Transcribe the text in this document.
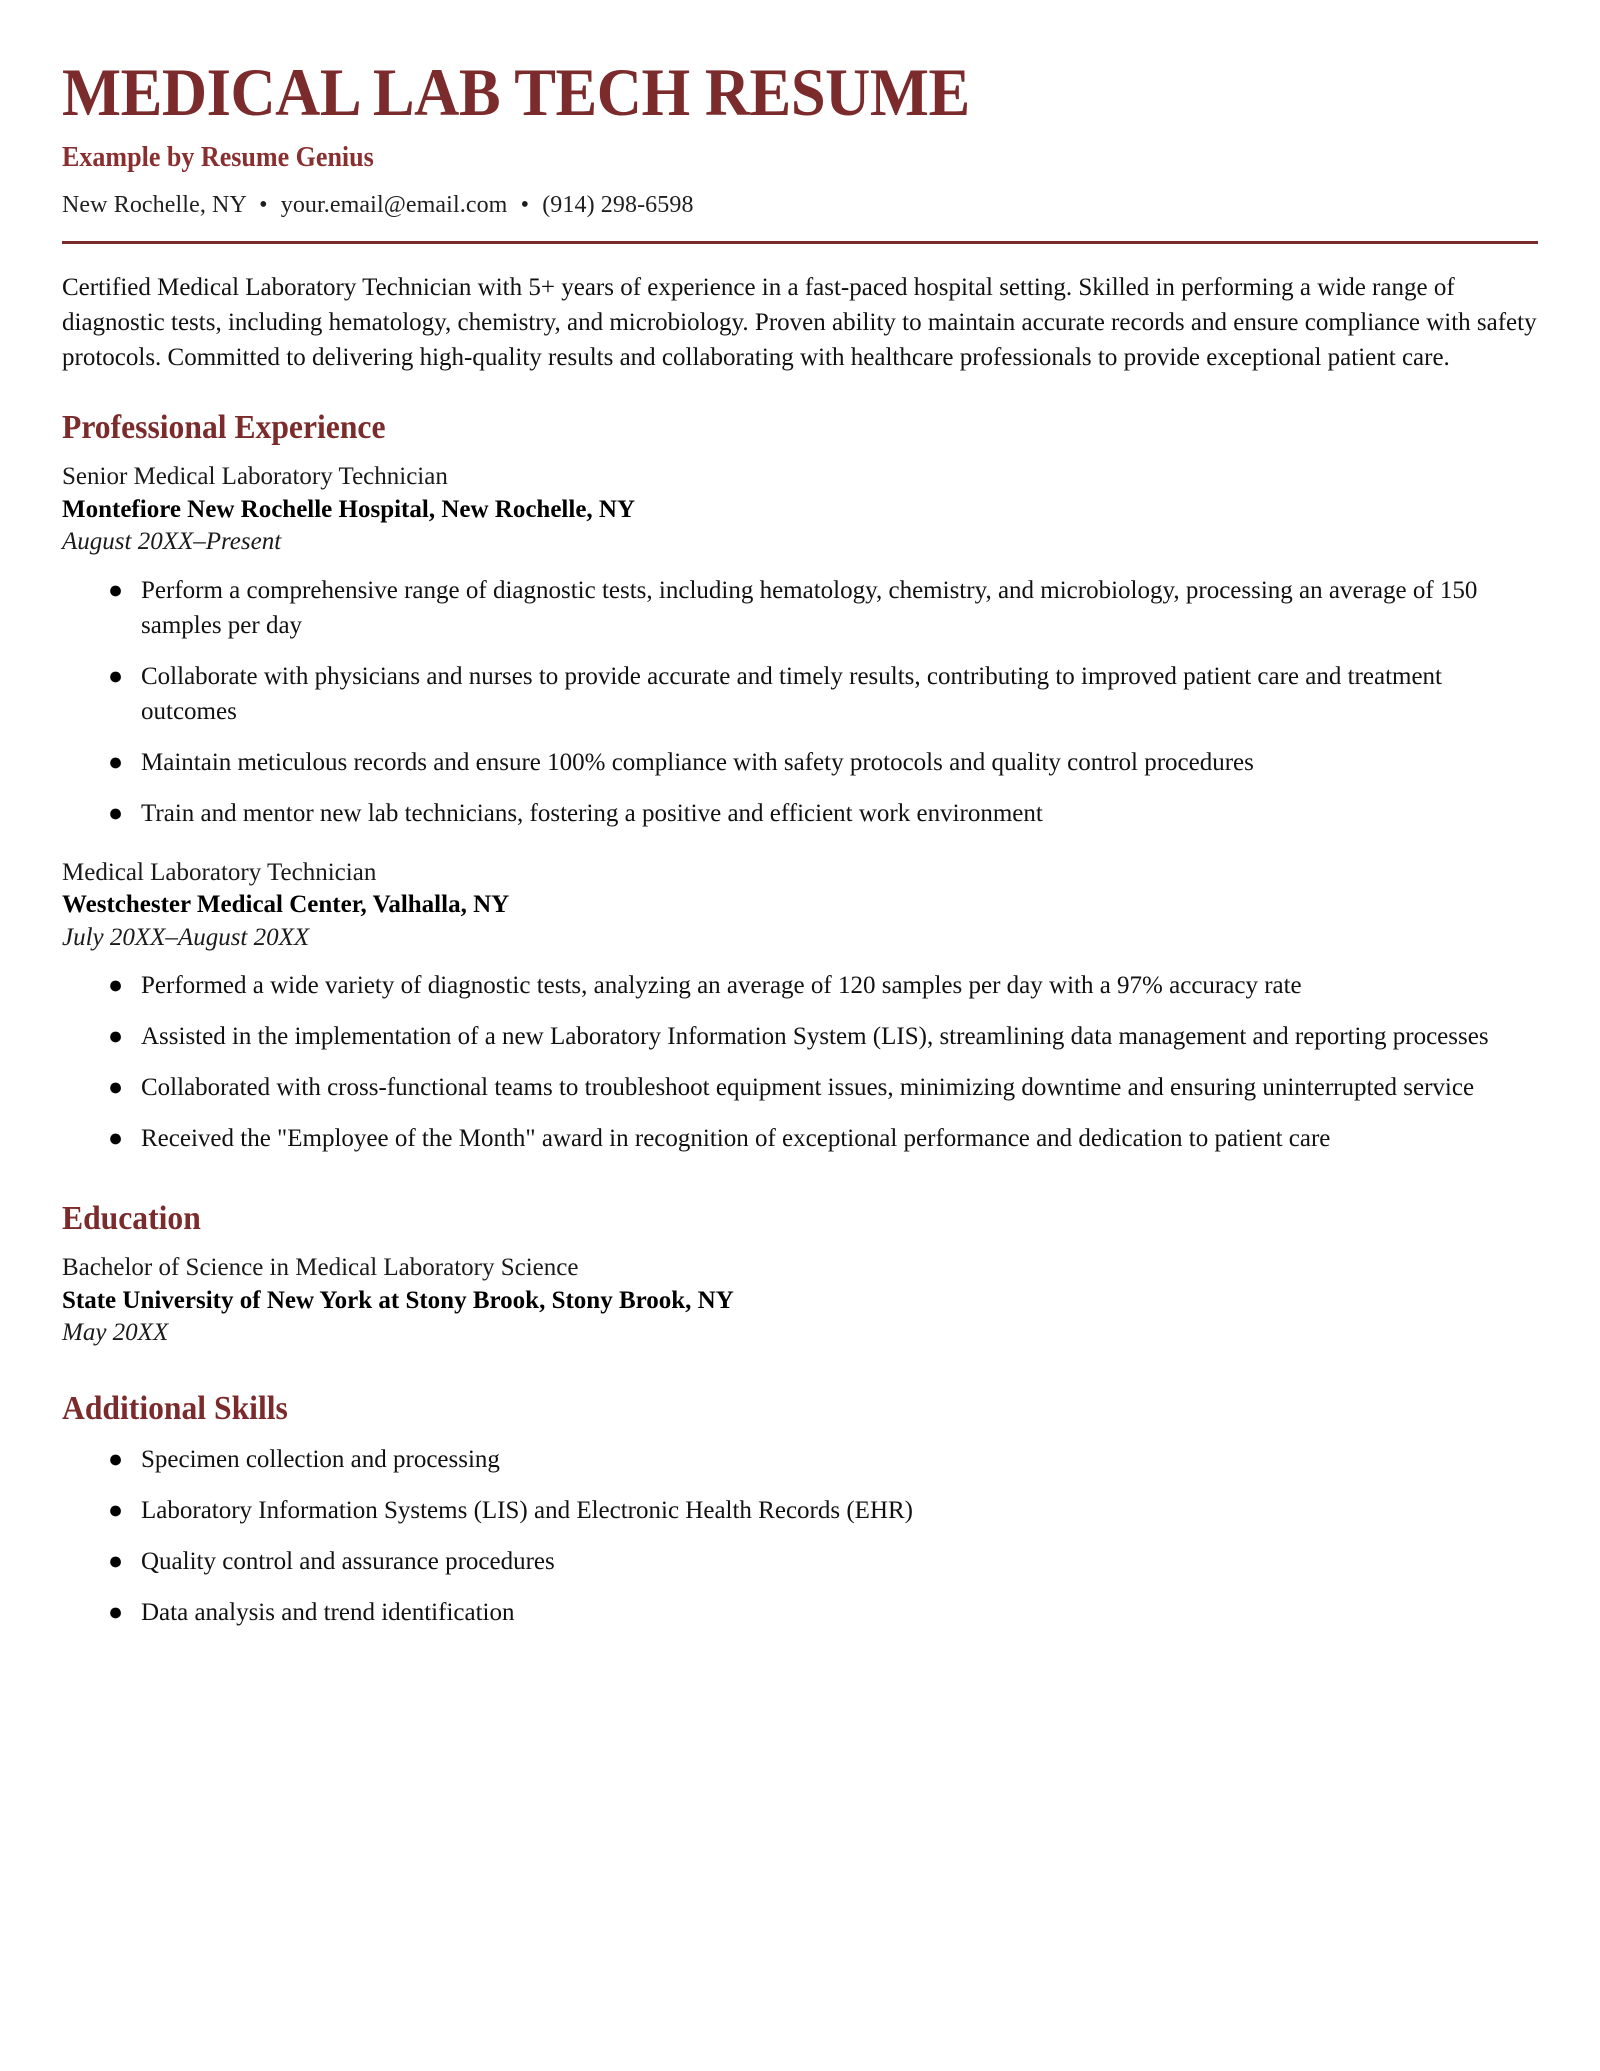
MEDICAL LAB TECH RESUME
Example by Resume Genius
New Rochelle, NY • your.email@email.com • (914) 298-6598

Certified Medical Laboratory Technician with 5+ years of experience in a fast-paced hospital setting. Skilled in performing a wide range of diagnostic tests, including hematology, chemistry, and microbiology. Proven ability to maintain accurate records and ensure compliance with safety protocols. Committed to delivering high-quality results and collaborating with healthcare professionals to provide exceptional patient care.

Professional Experience
Senior Medical Laboratory Technician
Montefiore New Rochelle Hospital, New Rochelle, NY
August 20XX–Present
● Perform a comprehensive range of diagnostic tests, including hematology, chemistry, and microbiology, processing an average of 150 samples per day
● Collaborate with physicians and nurses to provide accurate and timely results, contributing to improved patient care and treatment outcomes
● Maintain meticulous records and ensure 100% compliance with safety protocols and quality control procedures
● Train and mentor new lab technicians, fostering a positive and efficient work environment
Medical Laboratory Technician
Westchester Medical Center, Valhalla, NY
July 20XX–August 20XX
● Performed a wide variety of diagnostic tests, analyzing an average of 120 samples per day with a 97% accuracy rate
● Assisted in the implementation of a new Laboratory Information System (LIS), streamlining data management and reporting processes
● Collaborated with cross-functional teams to troubleshoot equipment issues, minimizing downtime and ensuring uninterrupted service
● Received the "Employee of the Month" award in recognition of exceptional performance and dedication to patient care
Education
Bachelor of Science in Medical Laboratory Science
State University of New York at Stony Brook, Stony Brook, NY
May 20XX
Additional Skills
● Specimen collection and processing
● Laboratory Information Systems (LIS) and Electronic Health Records (EHR)
● Quality control and assurance procedures
● Data analysis and trend identification
